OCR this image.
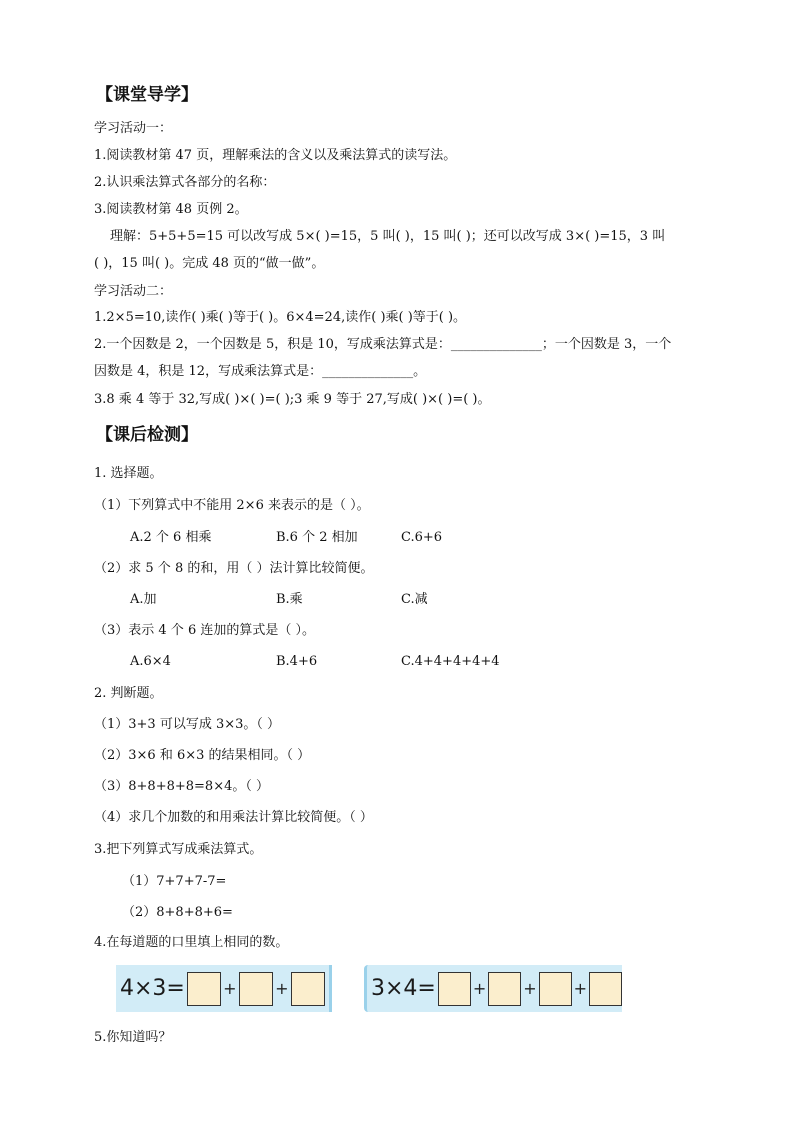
【课堂导学】
学习活动一：
1.阅读教材第 47 页，理解乘法的含义以及乘法算式的读写法。
2.认识乘法算式各部分的名称：
3.阅读教材第 48 页例 2。
理解：5+5+5=15 可以改写成 5×( )=15，5 叫( )，15 叫( )；还可以改写成 3×( )=15，3 叫
( )，15 叫( )。完成 48 页的“做一做”。
学习活动二：
1.2×5=10,读作( )乘( )等于( )。6×4=24,读作( )乘( )等于( )。
2.一个因数是 2，一个因数是 5，积是 10，写成乘法算式是：______________；一个因数是 3，一个
因数是 4，积是 12，写成乘法算式是：______________。
3.8 乘 4 等于 32,写成( )×( )=( );3 乘 9 等于 27,写成( )×( )=( )。
【课后检测】
1. 选择题。
（1）下列算式中不能用 2×6 来表示的是（ ）。
A.2 个 6 相乘	B.6 个 2 相加	C.6+6
（2）求 5 个 8 的和，用（ ）法计算比较简便。
A.加	B.乘	C.减
（3）表示 4 个 6 连加的算式是（ ）。
A.6×4	B.4+6	C.4+4+4+4+4
2. 判断题。
（1）3+3 可以写成 3×3。（ ）
（2）3×6 和 6×3 的结果相同。（ ）
（3）8+8+8+8=8×4。（ ）
（4）求几个加数的和用乘法计算比较简便。（ ）
3.把下列算式写成乘法算式。
（1）7+7+7-7=
（2）8+8+8+6=
4.在每道题的口里填上相同的数。
4×3= + +	3×4= + + +
5.你知道吗？
